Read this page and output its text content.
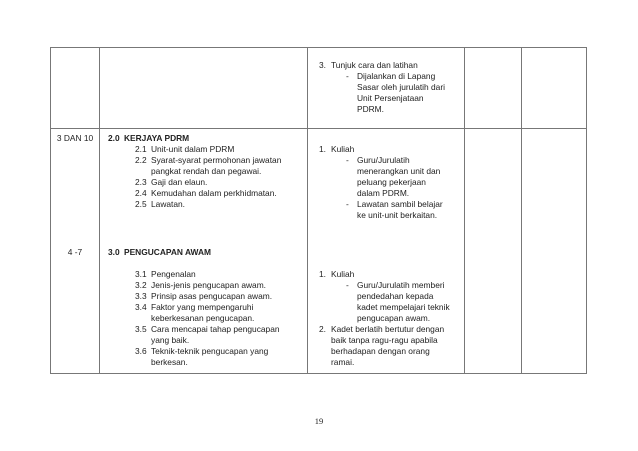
3. Tunjuk cara dan latihan
- Dijalankan di Lapang
Sasar oleh jurulatih dari
Unit Persenjataan
PDRM.
3 DAN 10	2.0 KERJAYA PDRM
2.1 Unit-unit dalam PDRM
2.2 Syarat-syarat permohonan jawatan
pangkat rendah dan pegawai.
2.3 Gaji dan elaun.
2.4 Kemudahan dalam perkhidmatan.
2.5 Lawatan.
1. Kuliah
- Guru/Jurulatih
menerangkan unit dan
peluang pekerjaan
dalam PDRM.
- Lawatan sambil belajar
ke unit-unit berkaitan.
4 -7	3.0 PENGUCAPAN AWAM
3.1 Pengenalan
3.2 Jenis-jenis pengucapan awam.
3.3 Prinsip asas pengucapan awam.
3.4 Faktor yang mempengaruhi
keberkesanan pengucapan.
3.5 Cara mencapai tahap pengucapan
yang baik.
3.6 Teknik-teknik pengucapan yang
berkesan.
1. Kuliah
- Guru/Jurulatih memberi
pendedahan kepada
kadet mempelajari teknik
pengucapan awam.
2. Kadet berlatih bertutur dengan
baik tanpa ragu-ragu apabila
berhadapan dengan orang
ramai.
19
